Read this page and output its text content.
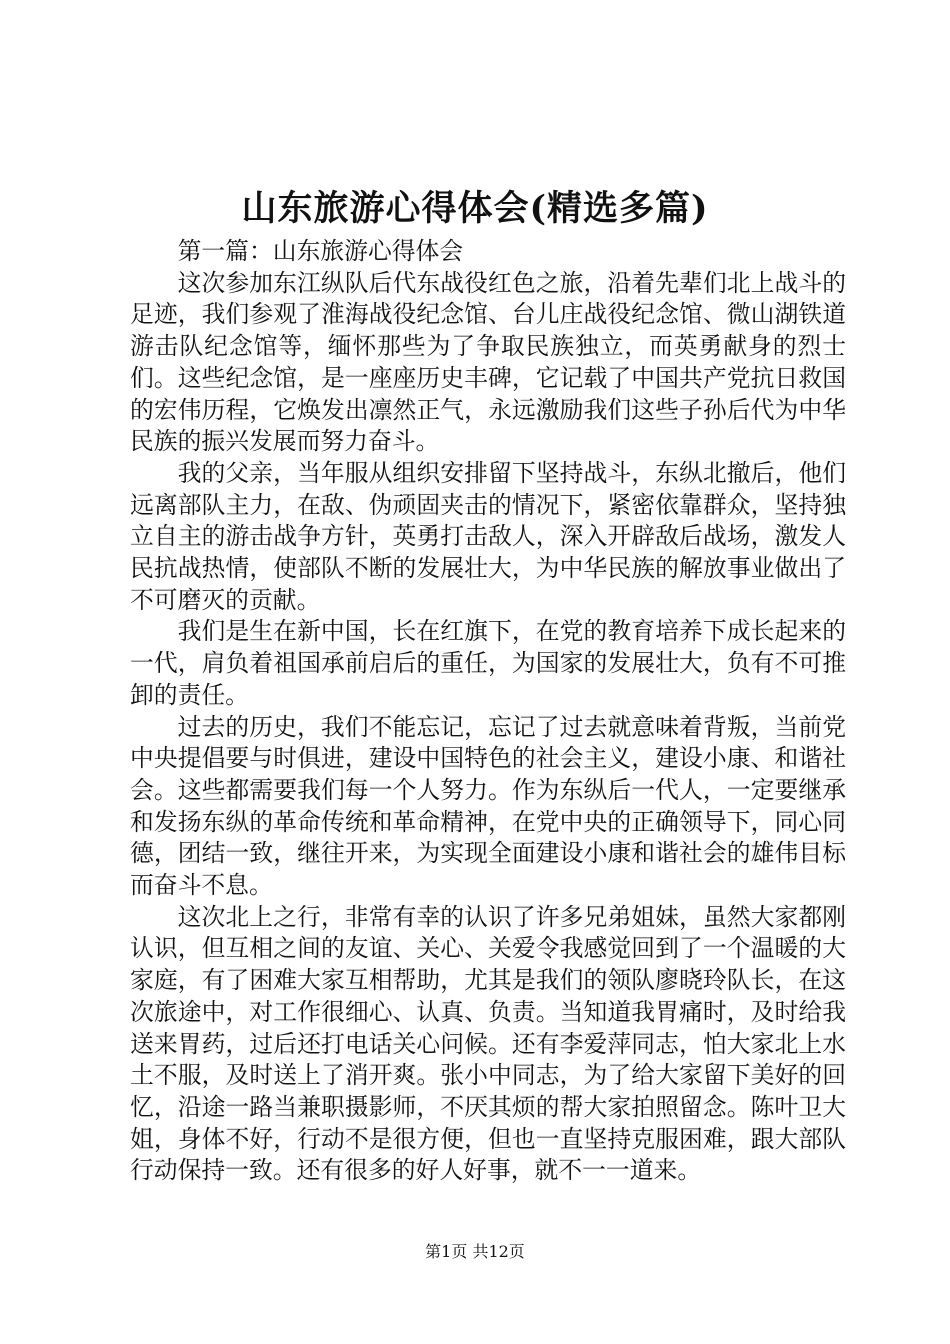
山东旅游心得体会(精选多篇)

第一篇：山东旅游心得体会

这次参加东江纵队后代东战役红色之旅，沿着先辈们北上战斗的足迹，我们参观了淮海战役纪念馆、台儿庄战役纪念馆、微山湖铁道游击队纪念馆等，缅怀那些为了争取民族独立，而英勇献身的烈士们。这些纪念馆，是一座座历史丰碑，它记载了中国共产党抗日救国的宏伟历程，它焕发出凛然正气，永远激励我们这些子孙后代为中华民族的振兴发展而努力奋斗。

我的父亲，当年服从组织安排留下坚持战斗，东纵北撤后，他们远离部队主力，在敌、伪顽固夹击的情况下，紧密依靠群众，坚持独立自主的游击战争方针，英勇打击敌人，深入开辟敌后战场，激发人民抗战热情，使部队不断的发展壮大，为中华民族的解放事业做出了不可磨灭的贡献。

我们是生在新中国，长在红旗下，在党的教育培养下成长起来的一代，肩负着祖国承前启后的重任，为国家的发展壮大，负有不可推卸的责任。

过去的历史，我们不能忘记，忘记了过去就意味着背叛，当前党中央提倡要与时俱进，建设中国特色的社会主义，建设小康、和谐社会。这些都需要我们每一个人努力。作为东纵后一代人，一定要继承和发扬东纵的革命传统和革命精神，在党中央的正确领导下，同心同德，团结一致，继往开来，为实现全面建设小康和谐社会的雄伟目标而奋斗不息。

这次北上之行，非常有幸的认识了许多兄弟姐妹，虽然大家都刚认识，但互相之间的友谊、关心、关爱令我感觉回到了一个温暖的大家庭，有了困难大家互相帮助，尤其是我们的领队廖晓玲队长，在这次旅途中，对工作很细心、认真、负责。当知道我胃痛时，及时给我送来胃药，过后还打电话关心问候。还有李爱萍同志，怕大家北上水土不服，及时送上了消开爽。张小中同志，为了给大家留下美好的回忆，沿途一路当兼职摄影师，不厌其烦的帮大家拍照留念。陈叶卫大姐，身体不好，行动不是很方便，但也一直坚持克服困难，跟大部队行动保持一致。还有很多的好人好事，就不一一道来。

第1页 共12页
